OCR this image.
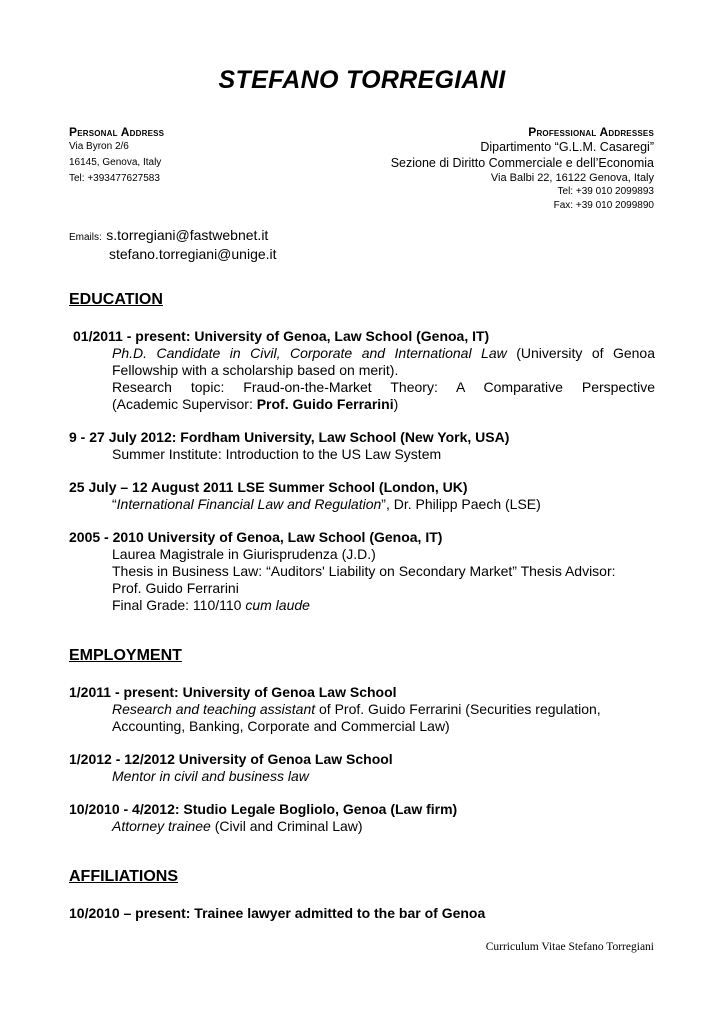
STEFANO TORREGIANI
Personal Address
Via Byron 2/6
16145, Genova, Italy
Tel: +393477627583
Professional Addresses
Dipartimento “G.L.M. Casaregi”
Sezione di Diritto Commerciale e dell’Economia
Via Balbi 22, 16122 Genova, Italy
Tel: +39 010 2099893
Fax: +39 010 2099890
Emails: s.torregiani@fastwebnet.it
stefano.torregiani@unige.it
EDUCATION
01/2011 - present: University of Genoa, Law School (Genoa, IT)
Ph.D. Candidate in Civil, Corporate and International Law (University of Genoa
Fellowship with a scholarship based on merit).
Research topic: Fraud-on-the-Market Theory: A Comparative Perspective
(Academic Supervisor: Prof. Guido Ferrarini)
9 - 27 July 2012: Fordham University, Law School (New York, USA)
Summer Institute: Introduction to the US Law System
25 July – 12 August 2011 LSE Summer School (London, UK)
“International Financial Law and Regulation”, Dr. Philipp Paech (LSE)
2005 - 2010 University of Genoa, Law School (Genoa, IT)
Laurea Magistrale in Giurisprudenza (J.D.)
Thesis in Business Law: “Auditors' Liability on Secondary Market” Thesis Advisor:
Prof. Guido Ferrarini
Final Grade: 110/110 cum laude
EMPLOYMENT
1/2011 - present: University of Genoa Law School
Research and teaching assistant of Prof. Guido Ferrarini (Securities regulation,
Accounting, Banking, Corporate and Commercial Law)
1/2012 - 12/2012 University of Genoa Law School
Mentor in civil and business law
10/2010 - 4/2012: Studio Legale Bogliolo, Genoa (Law firm)
Attorney trainee (Civil and Criminal Law)
AFFILIATIONS
10/2010 – present: Trainee lawyer admitted to the bar of Genoa
Curriculum Vitae Stefano Torregiani
